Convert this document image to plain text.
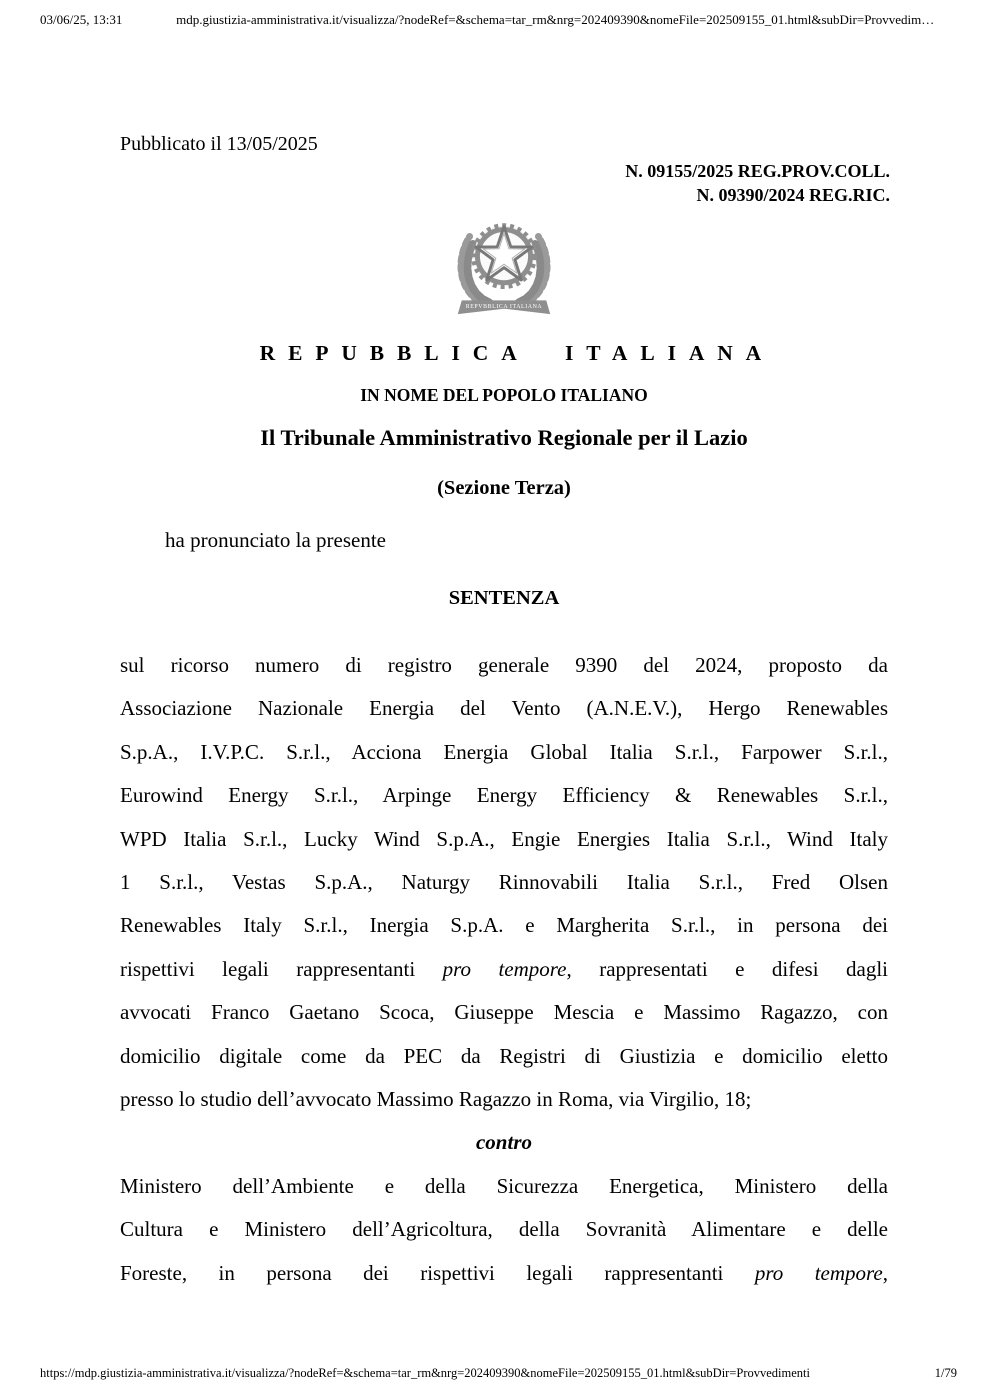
03/06/25, 13:31	mdp.giustizia-amministrativa.it/visualizza/?nodeRef=&schema=tar_rm&nrg=202409390&nomeFile=202509155_01.html&subDir=Provvedim…
Pubblicato il 13/05/2025
N. 09155/2025 REG.PROV.COLL.
N. 09390/2024 REG.RIC.
REPVBBLICA ITALIANA
REPUBBLICA ITALIANA
IN NOME DEL POPOLO ITALIANO
Il Tribunale Amministrativo Regionale per il Lazio
(Sezione Terza)
ha pronunciato la presente
SENTENZA
sul ricorso numero di registro generale 9390 del 2024, proposto da
Associazione Nazionale Energia del Vento (A.N.E.V.), Hergo Renewables
S.p.A., I.V.P.C. S.r.l., Acciona Energia Global Italia S.r.l., Farpower S.r.l.,
Eurowind Energy S.r.l., Arpinge Energy Efficiency & Renewables S.r.l.,
WPD Italia S.r.l., Lucky Wind S.p.A., Engie Energies Italia S.r.l., Wind Italy
1 S.r.l., Vestas S.p.A., Naturgy Rinnovabili Italia S.r.l., Fred Olsen
Renewables Italy S.r.l., Inergia S.p.A. e Margherita S.r.l., in persona dei
rispettivi legali rappresentanti pro tempore, rappresentati e difesi dagli
avvocati Franco Gaetano Scoca, Giuseppe Mescia e Massimo Ragazzo, con
domicilio digitale come da PEC da Registri di Giustizia e domicilio eletto
presso lo studio dell’avvocato Massimo Ragazzo in Roma, via Virgilio, 18;
contro
Ministero dell’Ambiente e della Sicurezza Energetica, Ministero della
Cultura e Ministero dell’Agricoltura, della Sovranità Alimentare e delle
Foreste, in persona dei rispettivi legali rappresentanti pro tempore,
https://mdp.giustizia-amministrativa.it/visualizza/?nodeRef=&schema=tar_rm&nrg=202409390&nomeFile=202509155_01.html&subDir=Provvedimenti	1/79
